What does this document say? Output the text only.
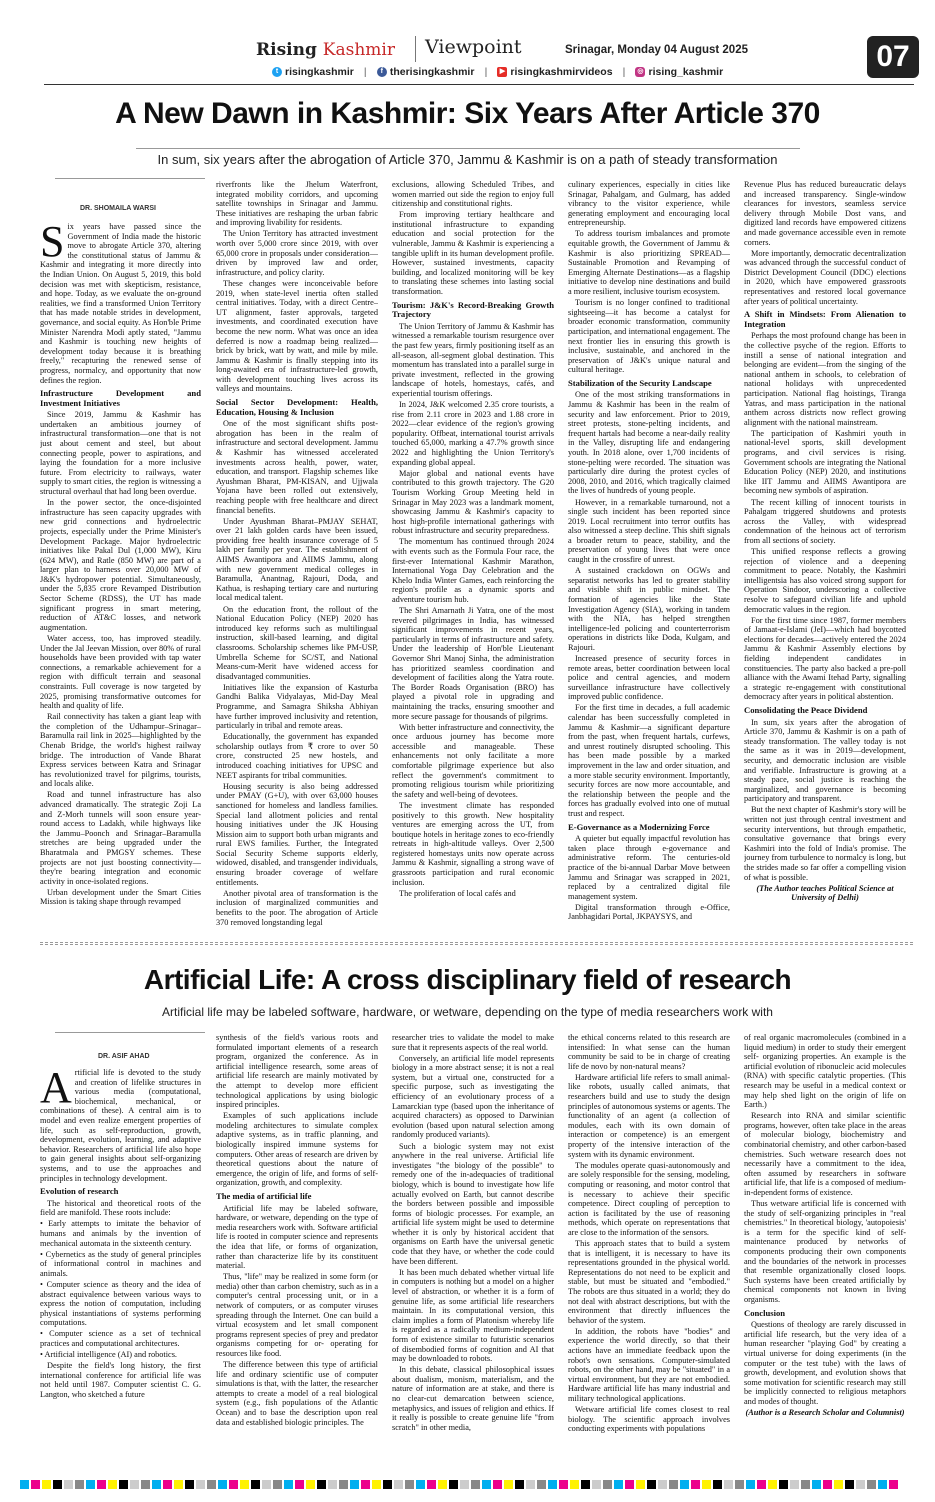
Rising Kashmir Viewpoint	Srinagar, Monday 04 August 2025	07
t risingkashmir |	f therisingkashmir |	▶ risingkashmirvideos | ◎ rising_kashmir
A New Dawn in Kashmir: Six Years After Article 370
In sum, six years after the abrogation of Article 370, Jammu & Kashmir is on a path of steady transformation
DR. SHOMAILA WARSI

Six years have passed since the Government of India made the historic move to abrogate Article 370, altering the constitutional status of Jammu & Kashmir and integrating it more directly into the Indian Union. On August 5, 2019, this bold decision was met with skepticism, resistance, and hope. Today, as we evaluate the on-ground realities, we find a transformed Union Territory that has made notable strides in development, governance, and social equity. As Hon'ble Prime Minister Narendra Modi aptly stated, "Jammu and Kashmir is touching new heights of development today because it is breathing freely," recapturing the renewed sense of progress, normalcy, and opportunity that now defines the region.

Infrastructure Development and Investment Initiatives

Since 2019, Jammu & Kashmir has undertaken an ambitious journey of infrastructural transformation—one that is not just about cement and steel, but about connecting people, power to aspirations, and laying the foundation for a more inclusive future. From electricity to railways, water supply to smart cities, the region is witnessing a structural overhaul that had long been overdue.

In the power sector, the once-disjointed infrastructure has seen capacity upgrades with new grid connections and hydroelectric projects, especially under the Prime Minister's Development Package. Major hydroelectric initiatives like Pakal Dul (1,000 MW), Kiru (624 MW), and Ratle (850 MW) are part of a larger plan to harness over 20,000 MW of J&K's hydropower potential. Simultaneously, under the 5,835 crore Revamped Distribution Sector Scheme (RDSS), the UT has made significant progress in smart metering, reduction of AT&C losses, and network augmentation.

Water access, too, has improved steadily. Under the Jal Jeevan Mission, over 80% of rural households have been provided with tap water connections, a remarkable achievement for a region with difficult terrain and seasonal constraints. Full coverage is now targeted by 2025, promising transformative outcomes for health and quality of life.

Rail connectivity has taken a giant leap with the completion of the Udhampur–Srinagar–Baramulla rail link in 2025—highlighted by the Chenab Bridge, the world's highest railway bridge. The introduction of Vande Bharat Express services between Katra and Srinagar has revolutionized travel for pilgrims, tourists, and locals alike.

Road and tunnel infrastructure has also advanced dramatically. The strategic Zoji La and Z-Morh tunnels will soon ensure year-round access to Ladakh, while highways like the Jammu–Poonch and Srinagar–Baramulla stretches are being upgraded under the Bharatmala and PMGSY schemes. These projects are not just boosting connectivity—they're bearing integration and economic activity in once-isolated regions.

Urban development under the Smart Cities Mission is taking shape through revamped

riverfronts like the Jhelum Waterfront, integrated mobility corridors, and upcoming satellite townships in Srinagar and Jammu. These initiatives are reshaping the urban fabric and improving livability for residents.

The Union Territory has attracted investment worth over 5,000 crore since 2019, with over 65,000 crore in proposals under consideration—driven by improved law and order, infrastructure, and policy clarity.

These changes were inconceivable before 2019, when state-level inertia often stalled central initiatives. Today, with a direct Centre–UT alignment, faster approvals, targeted investments, and coordinated execution have become the new norm. What was once an idea deferred is now a roadmap being realized—brick by brick, watt by watt, and mile by mile. Jammu & Kashmir is finally stepping into its long-awaited era of infrastructure-led growth, with development touching lives across its valleys and mountains.

Social Sector Development: Health, Education, Housing & Inclusion

One of the most significant shifts post-abrogation has been in the realm of infrastructure and sectoral development. Jammu & Kashmir has witnessed accelerated investments across health, power, water, education, and transport. Flagship schemes like Ayushman Bharat, PM-KISAN, and Ujjwala Yojana have been rolled out extensively, reaching people with free healthcare and direct financial benefits.

Under Ayushman Bharat–PMJAY SEHAT, over 21 lakh golden cards have been issued, providing free health insurance coverage of 5 lakh per family per year. The establishment of AIIMS Awantipora and AIIMS Jammu, along with new government medical colleges in Baramulla, Anantnag, Rajouri, Doda, and Kathua, is reshaping tertiary care and nurturing local medical talent.

On the education front, the rollout of the National Education Policy (NEP) 2020 has introduced key reforms such as multilingual instruction, skill-based learning, and digital classrooms. Scholarship schemes like PM-USP, Umbrella Scheme for SC/ST, and National Means-cum-Merit have widened access for disadvantaged communities.

Initiatives like the expansion of Kasturba Gandhi Balika Vidyalayas, Mid-Day Meal Programme, and Samagra Shiksha Abhiyan have further improved inclusivity and retention, particularly in tribal and remote areas.

Educationally, the government has expanded scholarship outlays from ₹ crore to over 50 crore, constructed 25 new hostels, and introduced coaching initiatives for UPSC and NEET aspirants for tribal communities.

Housing security is also being addressed under PMAY (G+U), with over 63,000 houses sanctioned for homeless and landless families. Special land allotment policies and rental housing initiatives under the JK Housing Mission aim to support both urban migrants and rural EWS families. Further, the Integrated Social Security Scheme supports elderly, widowed, disabled, and transgender individuals, ensuring broader coverage of welfare entitlements.

Another pivotal area of transformation is the inclusion of marginalized communities and benefits to the poor. The abrogation of Article 370 removed longstanding legal

exclusions, allowing Scheduled Tribes, and women married out side the region to enjoy full citizenship and constitutional rights.

From improving tertiary healthcare and institutional infrastructure to expanding education and social protection for the vulnerable, Jammu & Kashmir is experiencing a tangible uplift in its human development profile. However, sustained investments, capacity building, and localized monitoring will be key to translating these schemes into lasting social transformation.

Tourism: J&K's Record-Breaking Growth Trajectory

The Union Territory of Jammu & Kashmir has witnessed a remarkable tourism resurgence over the past few years, firmly positioning itself as an all-season, all-segment global destination. This momentum has translated into a parallel surge in private investment, reflected in the growing landscape of hotels, homestays, cafés, and experiential tourism offerings.

In 2024, J&K welcomed 2.35 crore tourists, a rise from 2.11 crore in 2023 and 1.88 crore in 2022—clear evidence of the region's growing popularity. Offbeat, international tourist arrivals touched 65,000, marking a 47.7% growth since 2022 and highlighting the Union Territory's expanding global appeal.

Major global and national events have contributed to this growth trajectory. The G20 Tourism Working Group Meeting held in Srinagar in May 2023 was a landmark moment, showcasing Jammu & Kashmir's capacity to host high-profile international gatherings with robust infrastructure and security preparedness.

The momentum has continued through 2024 with events such as the Formula Four race, the first-ever International Kashmir Marathon, International Yoga Day Celebration and the Khelo India Winter Games, each reinforcing the region's profile as a dynamic sports and adventure tourism hub.

The Shri Amarnath Ji Yatra, one of the most revered pilgrimages in India, has witnessed significant improvements in recent years, particularly in terms of infrastructure and safety. Under the leadership of Hon'ble Lieutenant Governor Shri Manoj Sinha, the administration has prioritized seamless coordination and development of facilities along the Yatra route. The Border Roads Organisation (BRO) has played a pivotal role in upgrading and maintaining the tracks, ensuring smoother and more secure passage for thousands of pilgrims.

With better infrastructure and connectivity, the once arduous journey has become more accessible and manageable. These enhancements not only facilitate a more comfortable pilgrimage experience but also reflect the government's commitment to promoting religious tourism while prioritizing the safety and well-being of devotees.

The investment climate has responded positively to this growth. New hospitality ventures are emerging across the UT, from boutique hotels in heritage zones to eco-friendly retreats in high-altitude valleys. Over 2,500 registered homestays units now operate across Jammu & Kashmir, signalling a strong wave of grassroots participation and rural economic inclusion.

The proliferation of local cafés and

culinary experiences, especially in cities like Srinagar, Pahalgam, and Gulmarg, has added vibrancy to the visitor experience, while generating employment and encouraging local entrepreneurship.

To address tourism imbalances and promote equitable growth, the Government of Jammu & Kashmir is also prioritizing SPREAD—Sustainable Promotion and Revamping of Emerging Alternate Destinations—as a flagship initiative to develop nine destinations and build a more resilient, inclusive tourism ecosystem.

Tourism is no longer confined to traditional sightseeing—it has become a catalyst for broader economic transformation, community participation, and international engagement. The next frontier lies in ensuring this growth is inclusive, sustainable, and anchored in the preservation of J&K's unique natural and cultural heritage.

Stabilization of the Security Landscape

One of the most striking transformations in Jammu & Kashmir has been in the realm of security and law enforcement. Prior to 2019, street protests, stone-pelting incidents, and frequent hartals had become a near-daily reality in the Valley, disrupting life and endangering youth. In 2018 alone, over 1,700 incidents of stone-pelting were recorded. The situation was particularly dire during the protest cycles of 2008, 2010, and 2016, which tragically claimed the lives of hundreds of young people.

However, in a remarkable turnaround, not a single such incident has been reported since 2019. Local recruitment into terror outfits has also witnessed a steep decline. This shift signals a broader return to peace, stability, and the preservation of young lives that were once caught in the crossfire of unrest.

A sustained crackdown on OGWs and separatist networks has led to greater stability and visible shift in public mindset. The formation of agencies like the State Investigation Agency (SIA), working in tandem with the NIA, has helped strengthen intelligence-led policing and counterterrorism operations in districts like Doda, Kulgam, and Rajouri.

Increased presence of security forces in remote areas, better coordination between local police and central agencies, and modern surveillance infrastructure have collectively improved public confidence.

For the first time in decades, a full academic calendar has been successfully completed in Jammu & Kashmir—a significant departure from the past, when frequent hartals, curfews, and unrest routinely disrupted schooling. This has been made possible by a marked improvement in the law and order situation, and a more stable security environment. Importantly, security forces are now more accountable, and the relationship between the people and the forces has gradually evolved into one of mutual trust and respect.

E-Governance as a Modernizing Force

A quieter but equally impactful revolution has taken place through e-governance and administrative reform. The centuries-old practice of the bi-annual Darbar Move between Jammu and Srinagar was scrapped in 2021, replaced by a centralized digital file management system.

Digital transformation through e-Office, Janbhagidari Portal, JKPAYSYS, and

Revenue Plus has reduced bureaucratic delays and increased transparency. Single-window clearances for investors, seamless service delivery through Mobile Dost vans, and digitized land records have empowered citizens and made governance accessible even in remote corners.

More importantly, democratic decentralization was advanced through the successful conduct of District Development Council (DDC) elections in 2020, which have empowered grassroots representatives and restored local governance after years of political uncertainty.

A Shift in Mindsets: From Alienation to Integration

Perhaps the most profound change has been in the collective psyche of the region. Efforts to instill a sense of national integration and belonging are evident—from the singing of the national anthem in schools, to celebration of national holidays with unprecedented participation. National flag hoistings, Tiranga Yatras, and mass participation in the national anthem across districts now reflect growing alignment with the national mainstream.

The participation of Kashmiri youth in national-level sports, skill development programs, and civil services is rising. Government schools are integrating the National Education Policy (NEP) 2020, and institutions like IIT Jammu and AIIMS Awantipora are becoming new symbols of aspiration.

The recent killing of innocent tourists in Pahalgam triggered shutdowns and protests across the Valley, with widespread condemnation of the heinous act of terrorism from all sections of society.

This unified response reflects a growing rejection of violence and a deepening commitment to peace. Notably, the Kashmiri intelligentsia has also voiced strong support for Operation Sindoor, underscoring a collective resolve to safeguard civilian life and uphold democratic values in the region.

For the first time since 1987, former members of Jamaat-e-Islami (JeI)—which had boycotted elections for decades—actively entered the 2024 Jammu & Kashmir Assembly elections by fielding independent candidates in constituencies. The party also backed a pre-poll alliance with the Awami Itehad Party, signalling a strategic re-engagement with constitutional democracy after years in political abstention.

Consolidating the Peace Dividend

In sum, six years after the abrogation of Article 370, Jammu & Kashmir is on a path of steady transformation. The valley today is not the same as it was in 2019—development, security, and democratic inclusion are visible and verifiable. Infrastructure is growing at a steady pace, social justice is reaching the marginalized, and governance is becoming participatory and transparent.

But the next chapter of Kashmir's story will be written not just through central investment and security interventions, but through empathetic, consultative governance that brings every Kashmiri into the fold of India's promise. The journey from turbulence to normalcy is long, but the strides made so far offer a compelling vision of what is possible.

(The Author teaches Political Science at University of Delhi)

Artificial Life: A cross disciplinary field of research
Artificial life may be labeled software, hardware, or wetware, depending on the type of media researchers work with
DR. ASIF AHAD

Artificial life is devoted to the study and creation of lifelike structures in various media (computational, biochemical, mechanical, or combinations of these). A central aim is to model and even realize emergent properties of life, such as self-reproduction, growth, development, evolution, learning, and adaptive behavior. Researchers of artificial life also hope to gain general insights about self-organizing systems, and to use the approaches and principles in technology development.

Evolution of research

The historical and theoretical roots of the field are manifold. These roots include:

• Early attempts to imitate the behavior of humans and animals by the invention of mechanical automata in the sixteenth century.

• Cybernetics as the study of general principles of informational control in machines and animals.

• Computer science as theory and the idea of abstract equivalence between various ways to express the notion of computation, including physical instantiations of systems performing computations.

• Computer science as a set of technical practices and computational architectures.

• Artificial intelligence (AI) and robotics.

Despite the field's long history, the first international conference for artificial life was not held until 1987. Computer scientist C. G. Langton, who sketched a future

synthesis of the field's various roots and formulated important elements of a research program, organized the conference. As in artificial intelligence research, some areas of artificial life research are mainly motivated by the attempt to develop more efficient technological applications by using biologic inspired principles.

Examples of such applications include modeling architectures to simulate complex adaptive systems, as in traffic planning, and biologically inspired immune systems for computers. Other areas of research are driven by theoretical questions about the nature of emergence, the origin of life, and forms of self-organization, growth, and complexity.

The media of artificial life

Artificial life may be labeled software, hardware, or wetware, depending on the type of media researchers work with. Software artificial life is rooted in computer science and represents the idea that life, or forms of organization, rather than characterize life by its constituent material.

Thus, "life" may be realized in some form (or media) other than carbon chemistry, such as in a computer's central processing unit, or in a network of computers, or as computer viruses spreading through the Internet. One can build a virtual ecosystem and let small component programs represent species of prey and predator organisms competing for or- operating for resources like food.

The difference between this type of artificial life and ordinary scientific use of computer simulations is that, with the latter, the researcher attempts to create a model of a real biological system (e.g., fish populations of the Atlantic Ocean) and to base the description upon real data and established biologic principles. The

researcher tries to validate the model to make sure that it represents aspects of the real world.

Conversely, an artificial life model represents biology in a more abstract sense; it is not a real system, but a virtual one, constructed for a specific purpose, such as investigating the efficiency of an evolutionary process of a Lamarckian type (based upon the inheritance of acquired characters) as opposed to Darwinian evolution (based upon natural selection among randomly produced variants).

Such a biologic system may not exist anywhere in the real universe. Artificial life investigates "the biology of the possible" to remedy one of the in-adequacies of traditional biology, which is bound to investigate how life actually evolved on Earth, but cannot describe the borders between possible and impossible forms of biologic processes. For example, an artificial life system might be used to determine whether it is only by historical accident that organisms on Earth have the universal genetic code that they have, or whether the code could have been different.

It has been much debated whether virtual life in computers is nothing but a model on a higher level of abstraction, or whether it is a form of genuine life, as some artificial life researchers maintain. In its computational version, this claim implies a form of Platonism whereby life is regarded as a radically medium-independent form of existence similar to futuristic scenarios of disembodied forms of cognition and AI that may be downloaded to robots.

In this debate, classical philosophical issues about dualism, monism, materialism, and the nature of information are at stake, and there is no clear-cut demarcation between science, metaphysics, and issues of religion and ethics. If it really is possible to create genuine life "from scratch" in other media,

the ethical concerns related to this research are intensified: In what sense can the human community be said to be in charge of creating life de novo by non-natural means?

Hardware artificial life refers to small animal-like robots, usually called animats, that researchers build and use to study the design principles of autonomous systems or agents. The functionality of an agent (a collection of modules, each with its own domain of interaction or competence) is an emergent property of the intensive interaction of the system with its dynamic environment.

The modules operate quasi-autonomously and are solely responsible for the sensing, modeling, computing or reasoning, and motor control that is necessary to achieve their specific competence. Direct coupling of perception to action is facilitated by the use of reasoning methods, which operate on representations that are close to the information of the sensors.

This approach states that to build a system that is intelligent, it is necessary to have its representations grounded in the physical world. Representations do not need to be explicit and stable, but must be situated and "embodied." The robots are thus situated in a world; they do not deal with abstract descriptions, but with the environment that directly influences the behavior of the system.

In addition, the robots have "bodies" and experience the world directly, so that their actions have an immediate feedback upon the robot's own sensations. Computer-simulated robots, on the other hand, may be "situated" in a virtual environment, but they are not embodied. Hardware artificial life has many industrial and military technological applications.

Wetware artificial life comes closest to real biology. The scientific approach involves conducting experiments with populations

of real organic macromolecules (combined in a liquid medium) in order to study their emergent self- organizing properties. An example is the artificial evolution of ribonucleic acid molecules (RNA) with specific catalytic properties. (This research may be useful in a medical context or may help shed light on the origin of life on Earth.)

Research into RNA and similar scientific programs, however, often take place in the areas of molecular biology, biochemistry and combinatorial chemistry, and other carbon-based chemistries. Such wetware research does not necessarily have a commitment to the idea, often assumed by researchers in software artificial life, that life is a composed of medium-in-dependent forms of existence.

Thus wetware artificial life is concerned with the study of self-organizing principles in "real chemistries." In theoretical biology, 'autopoiesis' is a term for the specific kind of self-maintenance produced by networks of components producing their own components and the boundaries of the network in processes that resemble organizationally closed loops. Such systems have been created artificially by chemical components not known in living organisms.

Conclusion

Questions of theology are rarely discussed in artificial life research, but the very idea of a human researcher "playing God" by creating a virtual universe for doing experiments (in the computer or the test tube) with the laws of growth, development, and evolution shows that some motivation for scientific research may still be implicitly connected to religious metaphors and modes of thought.

(Author is a Research Scholar and Columnist)
